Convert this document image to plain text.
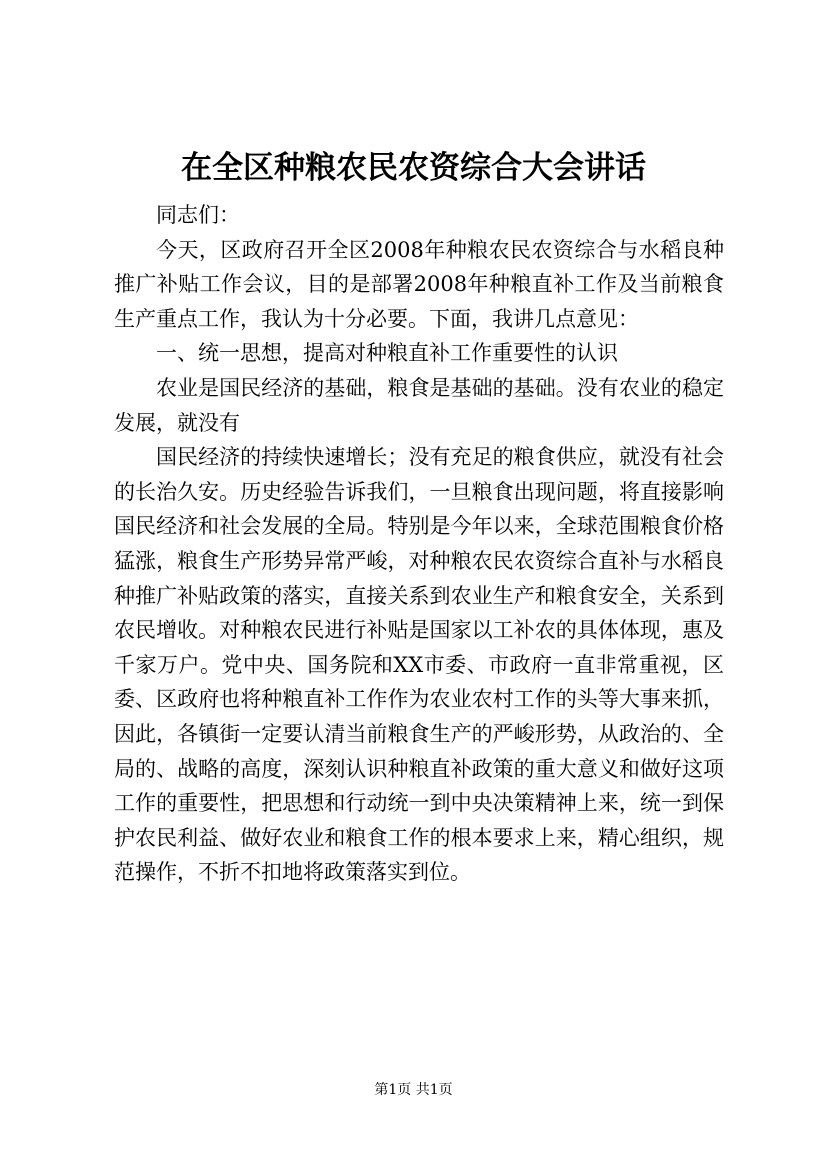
在全区种粮农民农资综合大会讲话

同志们：

今天，区政府召开全区2008年种粮农民农资综合与水稻良种推广补贴工作会议，目的是部署2008年种粮直补工作及当前粮食生产重点工作，我认为十分必要。下面，我讲几点意见：

一、统一思想，提高对种粮直补工作重要性的认识

农业是国民经济的基础，粮食是基础的基础。没有农业的稳定发展，就没有

国民经济的持续快速增长；没有充足的粮食供应，就没有社会的长治久安。历史经验告诉我们，一旦粮食出现问题，将直接影响国民经济和社会发展的全局。特别是今年以来，全球范围粮食价格猛涨，粮食生产形势异常严峻，对种粮农民农资综合直补与水稻良种推广补贴政策的落实，直接关系到农业生产和粮食安全，关系到农民增收。对种粮农民进行补贴是国家以工补农的具体体现，惠及千家万户。党中央、国务院和XX市委、市政府一直非常重视，区委、区政府也将种粮直补工作作为农业农村工作的头等大事来抓，因此，各镇街一定要认清当前粮食生产的严峻形势，从政治的、全局的、战略的高度，深刻认识种粮直补政策的重大意义和做好这项工作的重要性，把思想和行动统一到中央决策精神上来，统一到保护农民利益、做好农业和粮食工作的根本要求上来，精心组织，规范操作，不折不扣地将政策落实到位。

第1页 共1页
